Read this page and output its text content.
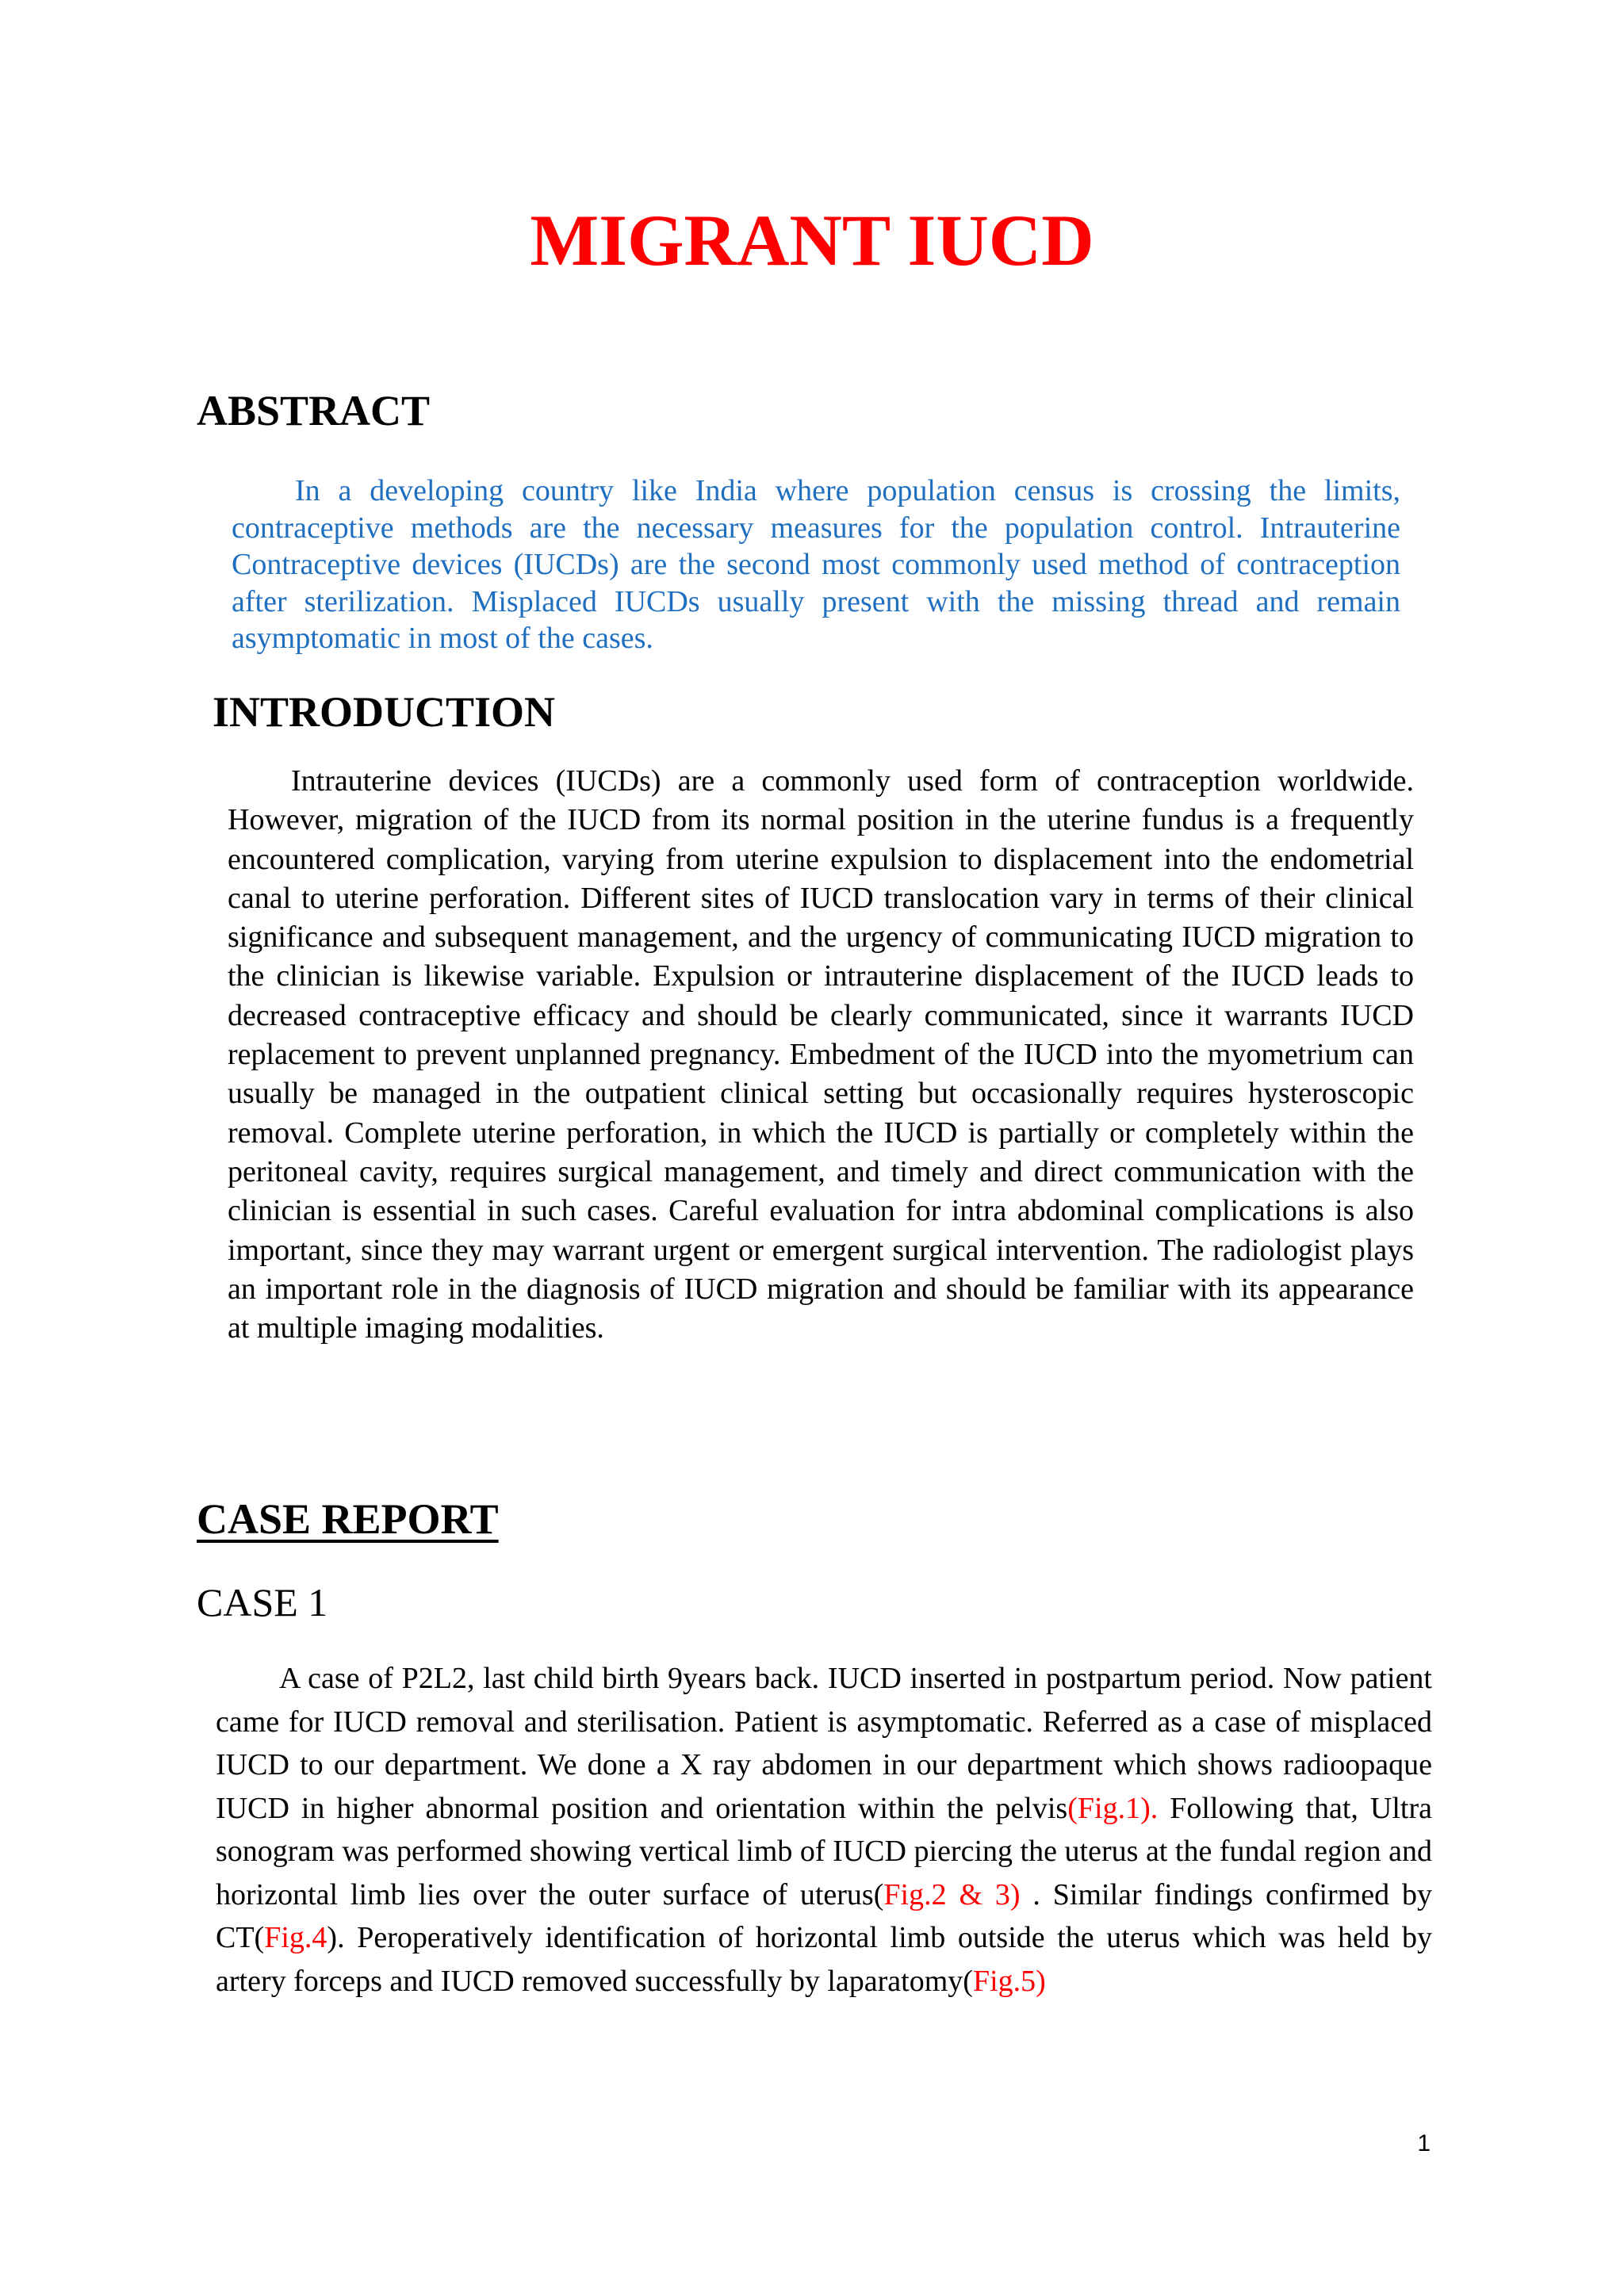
MIGRANT IUCD
ABSTRACT

In a developing country like India where population census is crossing the limits, contraceptive methods are the necessary measures for the population control. Intrauterine Contraceptive devices (IUCDs) are the second most commonly used method of contraception after sterilization. Misplaced IUCDs usually present with the missing thread and remain asymptomatic in most of the cases.

INTRODUCTION

Intrauterine devices (IUCDs) are a commonly used form of contraception worldwide. However, migration of the IUCD from its normal position in the uterine fundus is a frequently encountered complication, varying from uterine expulsion to displacement into the endometrial canal to uterine perforation. Different sites of IUCD translocation vary in terms of their clinical significance and subsequent management, and the urgency of communicating IUCD migration to the clinician is likewise variable. Expulsion or intrauterine displacement of the IUCD leads to decreased contraceptive efficacy and should be clearly communicated, since it warrants IUCD replacement to prevent unplanned pregnancy. Embedment of the IUCD into the myometrium can usually be managed in the outpatient clinical setting but occasionally requires hysteroscopic removal. Complete uterine perforation, in which the IUCD is partially or completely within the peritoneal cavity, requires surgical management, and timely and direct communication with the clinician is essential in such cases. Careful evaluation for intra abdominal complications is also important, since they may warrant urgent or emergent surgical intervention. The radiologist plays an important role in the diagnosis of IUCD migration and should be familiar with its appearance at multiple imaging modalities.

CASE REPORT
CASE 1

A case of P2L2, last child birth 9years back. IUCD inserted in postpartum period. Now patient came for IUCD removal and sterilisation. Patient is asymptomatic. Referred as a case of misplaced IUCD to our department. We done a X ray abdomen in our department which shows radioopaque IUCD in higher abnormal position and orientation within the pelvis(Fig.1). Following that, Ultra sonogram was performed showing vertical limb of IUCD piercing the uterus at the fundal region and horizontal limb lies over the outer surface of uterus(Fig.2 & 3) . Similar findings confirmed by CT(Fig.4). Peroperatively identification of horizontal limb outside the uterus which was held by artery forceps and IUCD removed successfully by laparatomy(Fig.5)

1
